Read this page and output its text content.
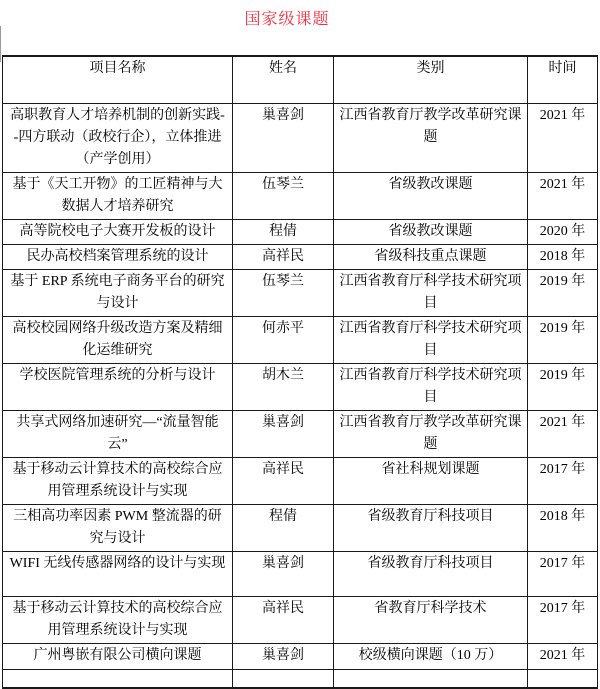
国家级课题
项目名称	姓名	类别	时间
高职教育人才培养机制的创新实践--四方联动（政校行企），立体推进（产学创用）	巢喜剑	江西省教育厅教学改革研究课题	2021 年
基于《天工开物》的工匠精神与大数据人才培养研究	伍琴兰	省级教改课题	2021 年
高等院校电子大赛开发板的设计	程倩	省级教改课题	2020 年
民办高校档案管理系统的设计	高祥民	省级科技重点课题	2018 年
基于 ERP 系统电子商务平台的研究与设计	伍琴兰	江西省教育厅科学技术研究项目	2019 年
高校校园网络升级改造方案及精细化运维研究	何赤平	江西省教育厅科学技术研究项目	2019 年
学校医院管理系统的分析与设计	胡木兰	江西省教育厅科学技术研究项目	2019 年
共享式网络加速研究—“流量智能云”	巢喜剑	江西省教育厅教学改革研究课题	2021 年
基于移动云计算技术的高校综合应用管理系统设计与实现	高祥民	省社科规划课题	2017 年
三相高功率因素 PWM 整流器的研究与设计	程倩	省级教育厅科技项目	2018 年
WIFI 无线传感器网络的设计与实现	巢喜剑	省级教育厅科技项目	2017 年
基于移动云计算技术的高校综合应用管理系统设计与实现	高祥民	省教育厅科学技术	2017 年
广州粤嵌有限公司横向课题	巢喜剑	校级横向课题（10 万）	2021 年
